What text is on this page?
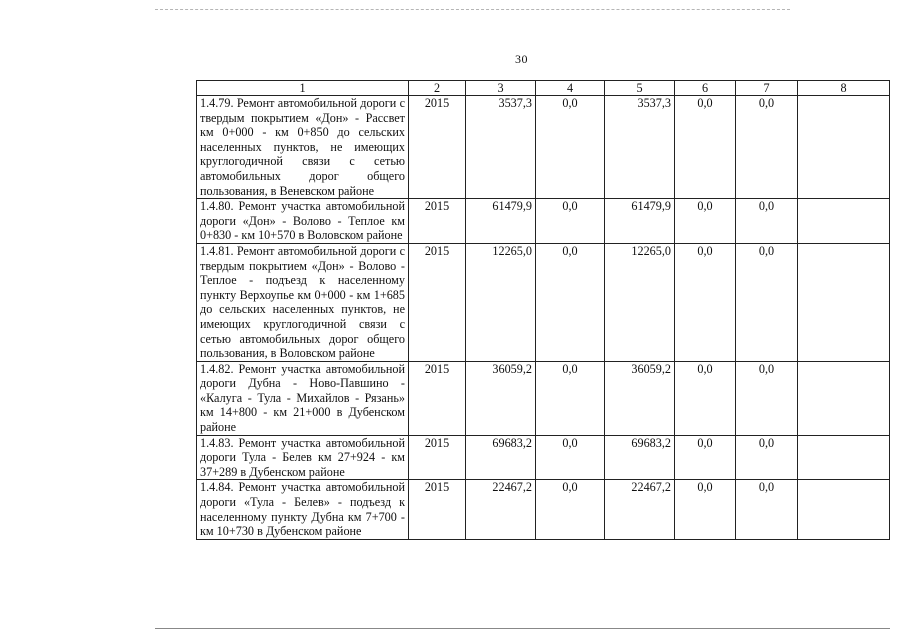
30
1	2	3	4	5	6	7	8
1.4.79. Ремонт автомобильной дороги с твердым покрытием «Дон» - Рассвет км 0+000 - км 0+850 до сельских населенных пунктов, не имеющих круглогодичной связи с сетью автомобильных дорог общего пользования, в Веневском районе	2015	3537,3	0,0	3537,3	0,0	0,0	
1.4.80. Ремонт участка автомобильной дороги «Дон» - Волово - Теплое км 0+830 - км 10+570 в Воловском районе	2015	61479,9	0,0	61479,9	0,0	0,0	
1.4.81. Ремонт автомобильной дороги с твердым покрытием «Дон» - Волово - Теплое - подъезд к населенному пункту Верхоупье км 0+000 - км 1+685 до сельских населенных пунктов, не имеющих круглогодичной связи с сетью автомобильных дорог общего пользования, в Воловском районе	2015	12265,0	0,0	12265,0	0,0	0,0	
1.4.82. Ремонт участка автомобильной дороги Дубна - Ново-Павшино - «Калуга - Тула - Михайлов - Рязань» км 14+800 - км 21+000 в Дубенском районе	2015	36059,2	0,0	36059,2	0,0	0,0	
1.4.83. Ремонт участка автомобильной дороги Тула - Белев км 27+924 - км 37+289 в Дубенском районе	2015	69683,2	0,0	69683,2	0,0	0,0	
1.4.84. Ремонт участка автомобильной дороги «Тула - Белев» - подъезд к населенному пункту Дубна км 7+700 - км 10+730 в Дубенском районе	2015	22467,2	0,0	22467,2	0,0	0,0	
